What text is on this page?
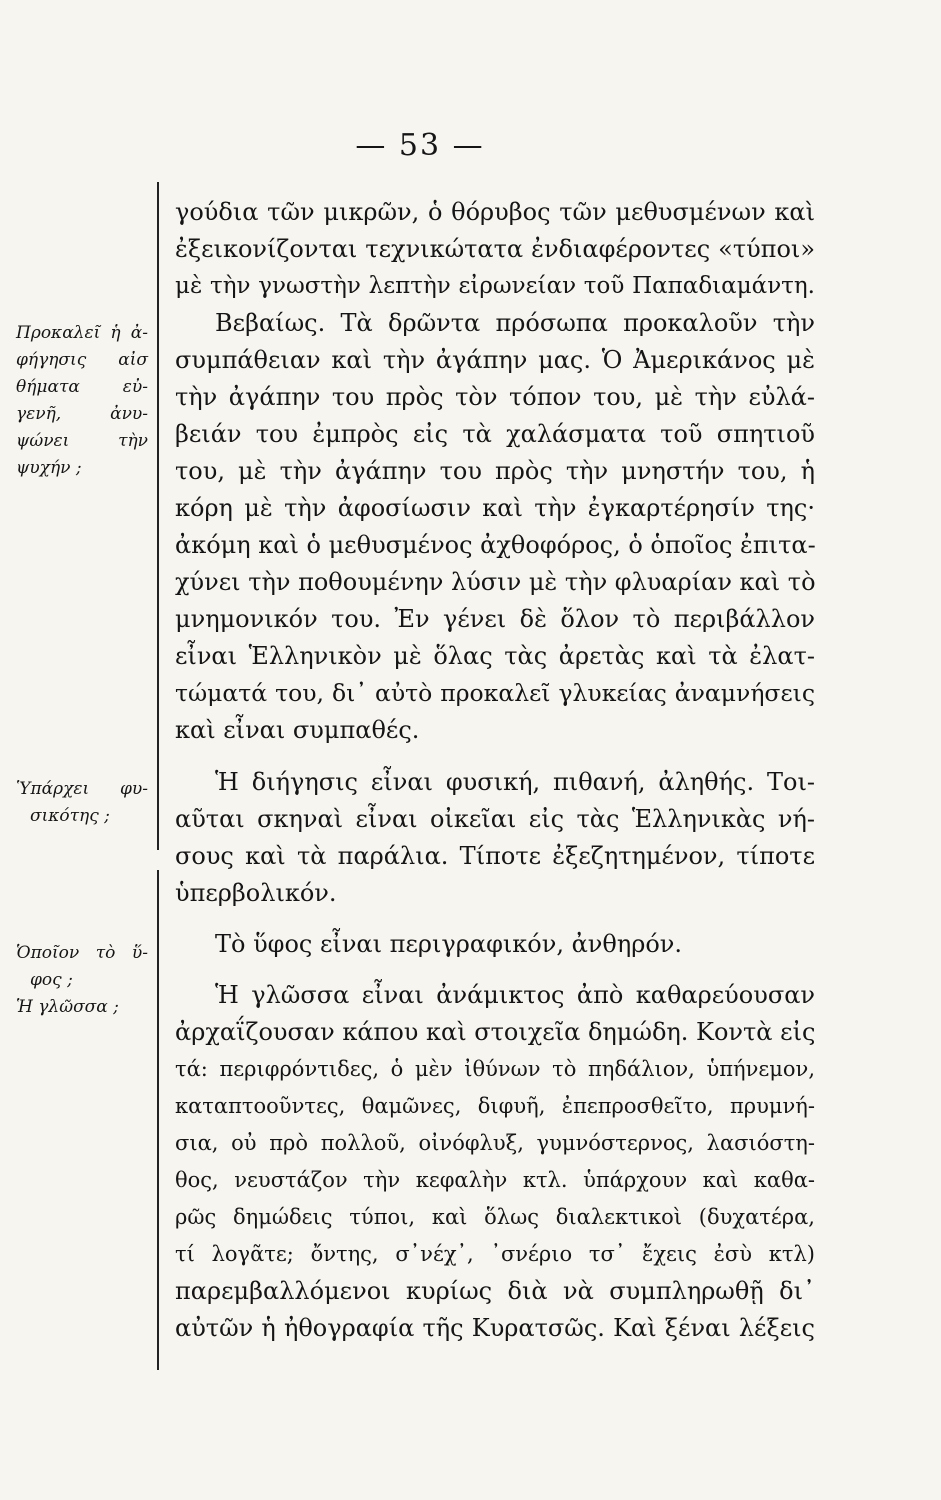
— 53 —
Προκαλεῖ ἡ ἀ-
φήγησις αἰσ
θήματα εὐ-
γενῆ, ἀνυ-
ψώνει τὴν
ψυχήν ;
Ὑπάρχει φυ-
σικότης ;
Ὁποῖον τὸ ὕ-
φος ;
Ἡ γλῶσσα ;
γούδια τῶν μικρῶν, ὁ θόρυβος τῶν μεθυσμένων καὶ
ἐξεικονίζονται τεχνικώτατα ἐνδιαφέροντες «τύποι»
μὲ τὴν γνωστὴν λεπτὴν εἰρωνείαν τοῦ Παπαδιαμάντη.
Βεβαίως. Τὰ δρῶντα πρόσωπα προκαλοῦν τὴν
συμπάθειαν καὶ τὴν ἀγάπην μας. Ὁ Ἀμερικάνος μὲ
τὴν ἀγάπην του πρὸς τὸν τόπον του, μὲ τὴν εὐλά-
βειάν του ἐμπρὸς εἰς τὰ χαλάσματα τοῦ σπητιοῦ
του, μὲ τὴν ἀγάπην του πρὸς τὴν μνηστήν του, ἡ
κόρη μὲ τὴν ἀφοσίωσιν καὶ τὴν ἐγκαρτέρησίν της·
ἀκόμη καὶ ὁ μεθυσμένος ἀχθοφόρος, ὁ ὁποῖος ἐπιτα-
χύνει τὴν ποθουμένην λύσιν μὲ τὴν φλυαρίαν καὶ τὸ
μνημονικόν του. Ἐν γένει δὲ ὅλον τὸ περιβάλλον
εἶναι Ἑλληνικὸν μὲ ὅλας τὰς ἀρετὰς καὶ τὰ ἐλατ-
τώματά του, δι᾽ αὐτὸ προκαλεῖ γλυκείας ἀναμνήσεις
καὶ εἶναι συμπαθές.
Ἡ διήγησις εἶναι φυσική, πιθανή, ἀληθής. Τοι-
αῦται σκηναὶ εἶναι οἰκεῖαι εἰς τὰς Ἑλληνικὰς νή-
σους καὶ τὰ παράλια. Τίποτε ἐξεζητημένον, τίποτε
ὑπερβολικόν.
Τὸ ὕφος εἶναι περιγραφικόν, ἀνθηρόν.
Ἡ γλῶσσα εἶναι ἀνάμικτος ἀπὸ καθαρεύουσαν
ἀρχαΐζουσαν κάπου καὶ στοιχεῖα δημώδη. Κοντὰ εἰς
τά: περιφρόντιδες, ὁ μὲν ἰθύνων τὸ πηδάλιον, ὑπήνεμον,
καταπτοοῦντες, θαμῶνες, διφυῆ, ἐπεπροσθεῖτο, πρυμνή-
σια, οὐ πρὸ πολλοῦ, οἰνόφλυξ, γυμνόστερνος, λασιόστη-
θος, νευστάζον τὴν κεφαλὴν κτλ. ὑπάρχουν καὶ καθα-
ρῶς δημώδεις τύποι, καὶ ὅλως διαλεκτικοὶ (δυχατέρα,
τί λογᾶτε; ὄντης, σ᾽νέχ᾽, ᾽σνέριο τσ᾽ ἔχεις ἐσὺ κτλ)
παρεμβαλλόμενοι κυρίως διὰ νὰ συμπληρωθῇ δι᾽
αὐτῶν ἡ ἠθογραφία τῆς Κυρατσῶς. Καὶ ξέναι λέξεις
